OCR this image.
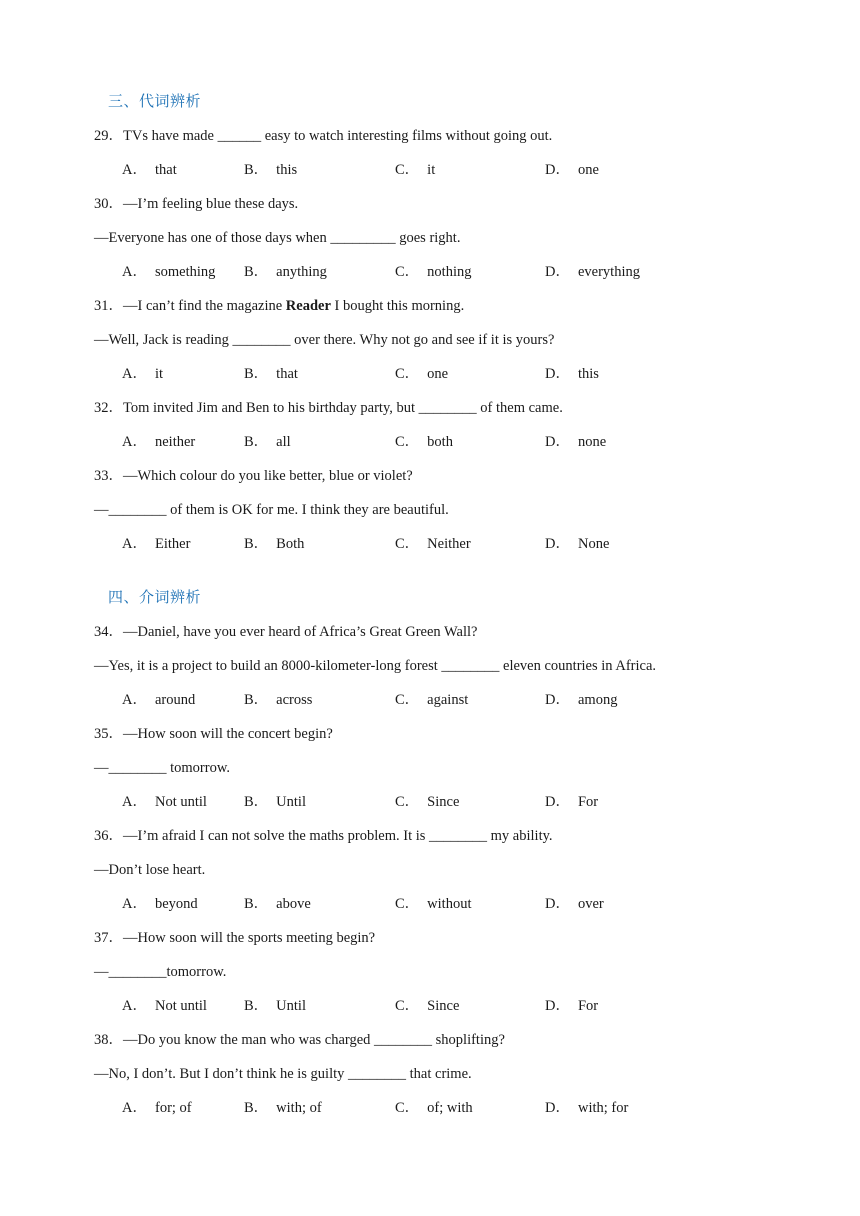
三、代词辨析
29．TVs have made ______ easy to watch interesting films without going out.
A． that	B． this	C． it	D． one
30．—I’m feeling blue these days.
—Everyone has one of those days when _________ goes right.
A． something B． anything	C． nothing	D． everything
31．—I can’t find the magazine Reader I bought this morning.
—Well, Jack is reading ________ over there. Why not go and see if it is yours?
A． it	B． that	C． one	D． this
32．Tom invited Jim and Ben to his birthday party, but ________ of them came.
A． neither	B． all	C． both	D． none
33．—Which colour do you like better, blue or violet?
—________ of them is OK for me. I think they are beautiful.
A． Either	B． Both	C． Neither	D． None
四、介词辨析
34．—Daniel, have you ever heard of Africa’s Great Green Wall?
—Yes, it is a project to build an 8000-kilometer-long forest ________ eleven countries in Africa.
A． around	B． across	C． against	D． among
35．—How soon will the concert begin?
—________ tomorrow.
A． Not until	B． Until	C． Since	D． For
36．—I’m afraid I can not solve the maths problem. It is ________ my ability.
—Don’t lose heart.
A． beyond	B． above	C． without	D． over
37．—How soon will the sports meeting begin?
—________tomorrow.
A． Not until	B． Until	C． Since	D． For
38．—Do you know the man who was charged ________ shoplifting?
—No, I don’t. But I don’t think he is guilty ________ that crime.
A． for; of	B． with; of	C． of; with	D． with; for
